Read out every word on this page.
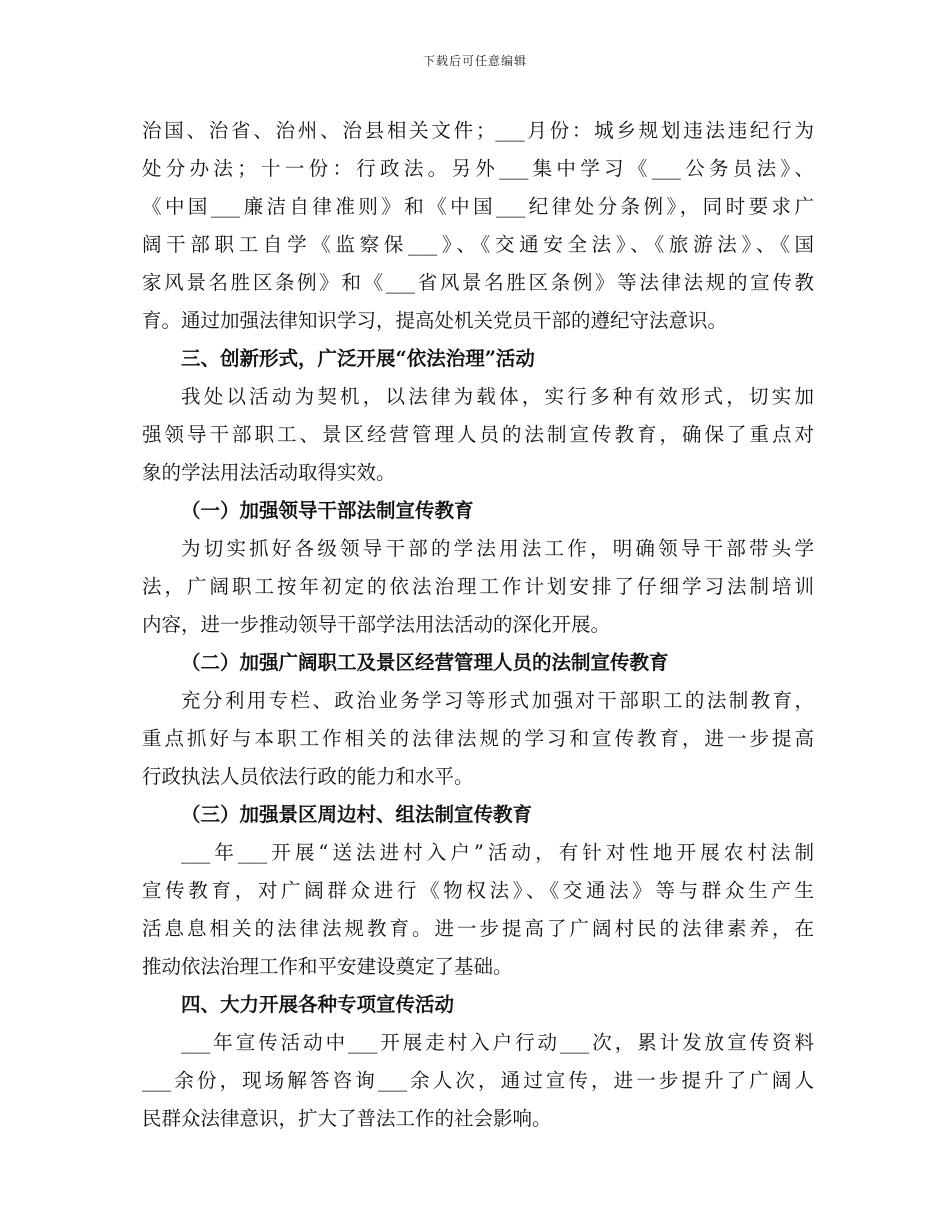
下载后可任意编辑
治国、治省、治州、治县相关文件；___月份：城乡规划违法违纪行为
处分办法；十一份：行政法。另外___集中学习《___公务员法》、
《中国___廉洁自律准则》和《中国___纪律处分条例》，同时要求广
阔干部职工自学《监察保___》、《交通安全法》、《旅游法》、《国
家风景名胜区条例》和《___省风景名胜区条例》等法律法规的宣传教
育。通过加强法律知识学习，提高处机关党员干部的遵纪守法意识。
三、创新形式，广泛开展“依法治理”活动
我处以活动为契机，以法律为载体，实行多种有效形式，切实加
强领导干部职工、景区经营管理人员的法制宣传教育，确保了重点对
象的学法用法活动取得实效。
（一）加强领导干部法制宣传教育
为切实抓好各级领导干部的学法用法工作，明确领导干部带头学
法，广阔职工按年初定的依法治理工作计划安排了仔细学习法制培训
内容，进一步推动领导干部学法用法活动的深化开展。
（二）加强广阔职工及景区经营管理人员的法制宣传教育
充分利用专栏、政治业务学习等形式加强对干部职工的法制教育，
重点抓好与本职工作相关的法律法规的学习和宣传教育，进一步提高
行政执法人员依法行政的能力和水平。
（三）加强景区周边村、组法制宣传教育
___年___开展“送法进村入户”活动，有针对性地开展农村法制
宣传教育，对广阔群众进行《物权法》、《交通法》等与群众生产生
活息息相关的法律法规教育。进一步提高了广阔村民的法律素养，在
推动依法治理工作和平安建设奠定了基础。
四、大力开展各种专项宣传活动
___年宣传活动中___开展走村入户行动___次，累计发放宣传资料
___余份，现场解答咨询___余人次，通过宣传，进一步提升了广阔人
民群众法律意识，扩大了普法工作的社会影响。
